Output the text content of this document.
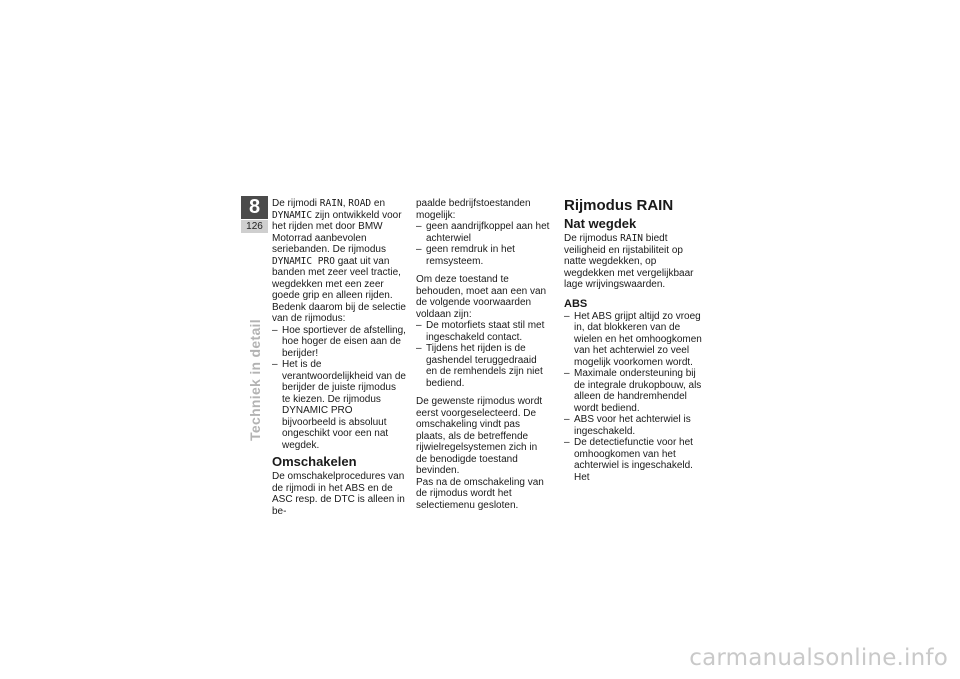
8
126
Techniek in detail

De rijmodi RAIN, ROAD en DYNAMIC zijn ontwikkeld voor het rijden met door BMW Motorrad aanbevolen seriebanden. De rijmodus DYNAMIC PRO gaat uit van banden met zeer veel tractie, wegdekken met een zeer goede grip en alleen rijden.

Bedenk daarom bij de selectie van de rijmodus:

– Hoe sportiever de afstelling, hoe hoger de eisen aan de berijder!
– Het is de verantwoordelijkheid van de berijder de juiste rijmodus te kiezen. De rijmodus DYNAMIC PRO bijvoorbeeld is absoluut ongeschikt voor een nat wegdek.
Omschakelen

De omschakelprocedures van de rijmodi in het ABS en de ASC resp. de DTC is alleen in be-

paalde bedrijfstoestanden mogelijk:

– geen aandrijfkoppel aan het achterwiel
– geen remdruk in het remsysteem.

Om deze toestand te behouden, moet aan een van de volgende voorwaarden voldaan zijn:

– De motorfiets staat stil met ingeschakeld contact.
– Tijdens het rijden is de gashendel teruggedraaid en de remhendels zijn niet bediend.

De gewenste rijmodus wordt eerst voorgeselecteerd. De omschakeling vindt pas plaats, als de betreffende rijwielregelsystemen zich in de benodigde toestand bevinden.

Pas na de omschakeling van de rijmodus wordt het selectiemenu gesloten.

Rijmodus RAIN
Nat wegdek

De rijmodus RAIN biedt veiligheid en rijstabiliteit op natte wegdekken, op wegdekken met vergelijkbaar lage wrijvingswaarden.

ABS
– Het ABS grijpt altijd zo vroeg in, dat blokkeren van de wielen en het omhoogkomen van het achterwiel zo veel mogelijk voorkomen wordt.
– Maximale ondersteuning bij de integrale drukopbouw, als alleen de handremhendel wordt bediend.
– ABS voor het achterwiel is ingeschakeld.
– De detectiefunctie voor het omhoogkomen van het achterwiel is ingeschakeld. Het
carmanualsonline.info
